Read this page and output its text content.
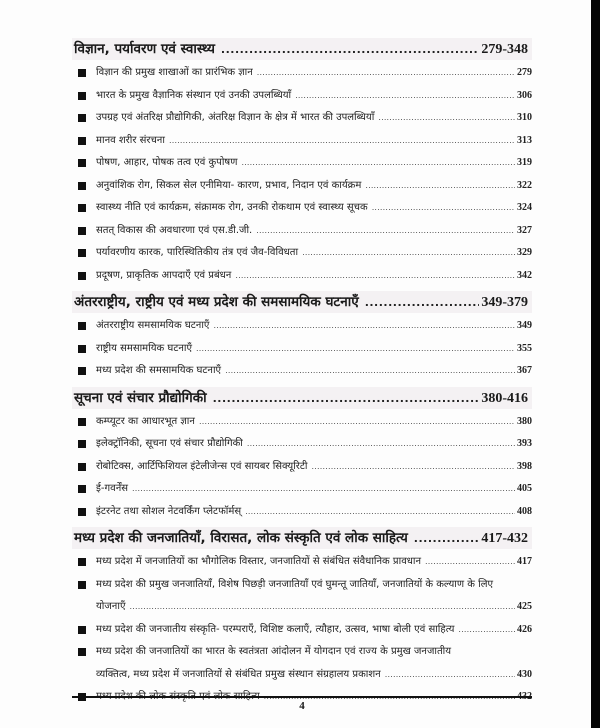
विज्ञान, पर्यावरण एवं स्वास्थ्य .....	279-348
विज्ञान की प्रमुख शाखाओं का प्रारंभिक ज्ञान .....	279
भारत के प्रमुख वैज्ञानिक संस्थान एवं उनकी उपलब्धियाँ .....	306
उपग्रह एवं अंतरिक्ष प्रौद्योगिकी, अंतरिक्ष विज्ञान के क्षेत्र में भारत की उपलब्धियाँ .....	310
मानव शरीर संरचना .....	313
पोषण, आहार, पोषक तत्व एवं कुपोषण .....	319
अनुवांशिक रोग, सिकल सेल एनीमिया- कारण, प्रभाव, निदान एवं कार्यक्रम .....	322
स्वास्थ्य नीति एवं कार्यक्रम, संक्रामक रोग, उनकी रोकथाम एवं स्वास्थ्य सूचक .....	324
सतत् विकास की अवधारणा एवं एस.डी.जी. .....	327
पर्यावरणीय कारक, पारिस्थितिकीय तंत्र एवं जैव-विविधता .....	329
प्रदूषण, प्राकृतिक आपदाएँ एवं प्रबंधन .....	342
अंतरराष्ट्रीय, राष्ट्रीय एवं मध्य प्रदेश की समसामयिक घटनाएँ .....	349-379
अंतरराष्ट्रीय समसामयिक घटनाएँ .....	349
राष्ट्रीय समसामयिक घटनाएँ .....	355
मध्य प्रदेश की समसामयिक घटनाएँ .....	367
सूचना एवं संचार प्रौद्योगिकी .....	380-416
कम्प्यूटर का आधारभूत ज्ञान .....	380
इलेक्ट्रॉनिकी, सूचना एवं संचार प्रौद्योगिकी .....	393
रोबोटिक्स, आर्टिफिशियल इंटेलीजेन्स एवं सायबर सिक्यूरिटी .....	398
ई-गवर्नेंस .....	405
इंटरनेट तथा सोशल नेटवर्किंग प्लेटफॉर्मस् .....	408
मध्य प्रदेश की जनजातियाँ, विरासत, लोक संस्कृति एवं लोक साहित्य .....	417-432
मध्य प्रदेश में जनजातियों का भौगोलिक विस्तार, जनजातियों से संबंधित संवैधानिक प्रावधान .....	417
मध्य प्रदेश की प्रमुख जनजातियाँ, विशेष पिछड़ी जनजातियाँ एवं घुमन्तू जातियाँ, जनजातियों के कल्याण के लिए
योजनाएँ .....	425
मध्य प्रदेश की जनजातीय संस्कृति- परम्पराएँ, विशिष्ट कलाएँ, त्यौहार, उत्सव, भाषा बोली एवं साहित्य .....	426
मध्य प्रदेश की जनजातियों का भारत के स्वतंत्रता आंदोलन में योगदान एवं राज्य के प्रमुख जनजातीय
व्यक्तित्व, मध्य प्रदेश में जनजातियों से संबंधित प्रमुख संस्थान संग्रहालय प्रकाशन .....	430
.....
4
